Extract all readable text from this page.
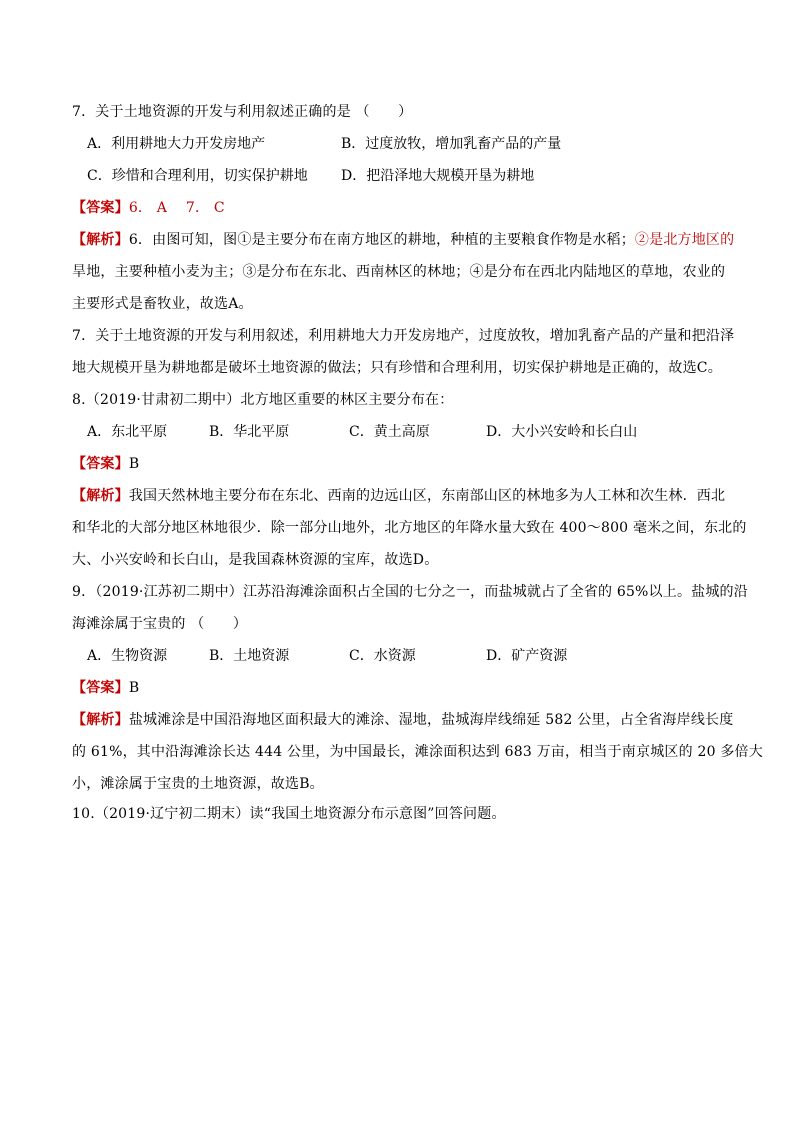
7．关于土地资源的开发与利用叙述正确的是 （　　）
A．利用耕地大力开发房地产	B．过度放牧，增加乳畜产品的产量
C．珍惜和合理利用，切实保护耕地 D．把沿泽地大规模开垦为耕地
【答案】6． A　 7． C
【解析】6．由图可知，图①是主要分布在南方地区的耕地，种植的主要粮食作物是水稻；②是北方地区的
旱地，主要种植小麦为主；③是分布在东北、西南林区的林地；④是分布在西北内陆地区的草地，农业的
主要形式是畜牧业，故选A。
7．关于土地资源的开发与利用叙述，利用耕地大力开发房地产，过度放牧，增加乳畜产品的产量和把沿泽
地大规模开垦为耕地都是破坏土地资源的做法；只有珍惜和合理利用，切实保护耕地是正确的，故选C。
8.（2019·甘肃初二期中）北方地区重要的林区主要分布在：
A．东北平原	B．华北平原	C．黄土高原	D．大小兴安岭和长白山
【答案】B
【解析】我国天然林地主要分布在东北、西南的边远山区，东南部山区的林地多为人工林和次生林．西北
和华北的大部分地区林地很少．除一部分山地外，北方地区的年降水量大致在 400～800 毫米之间，东北的
大、小兴安岭和长白山，是我国森林资源的宝库，故选D。
9．（2019·江苏初二期中）江苏沿海滩涂面积占全国的七分之一，而盐城就占了全省的 65%以上。盐城的沿
海滩涂属于宝贵的 （　　）
A．生物资源	B．土地资源	C．水资源	D．矿产资源
【答案】B
【解析】盐城滩涂是中国沿海地区面积最大的滩涂、湿地，盐城海岸线绵延 582 公里，占全省海岸线长度
的 61%，其中沿海滩涂长达 444 公里，为中国最长，滩涂面积达到 683 万亩，相当于南京城区的 20 多倍大
小，滩涂属于宝贵的土地资源，故选B。
10.（2019·辽宁初二期末）读“我国土地资源分布示意图”回答问题。
